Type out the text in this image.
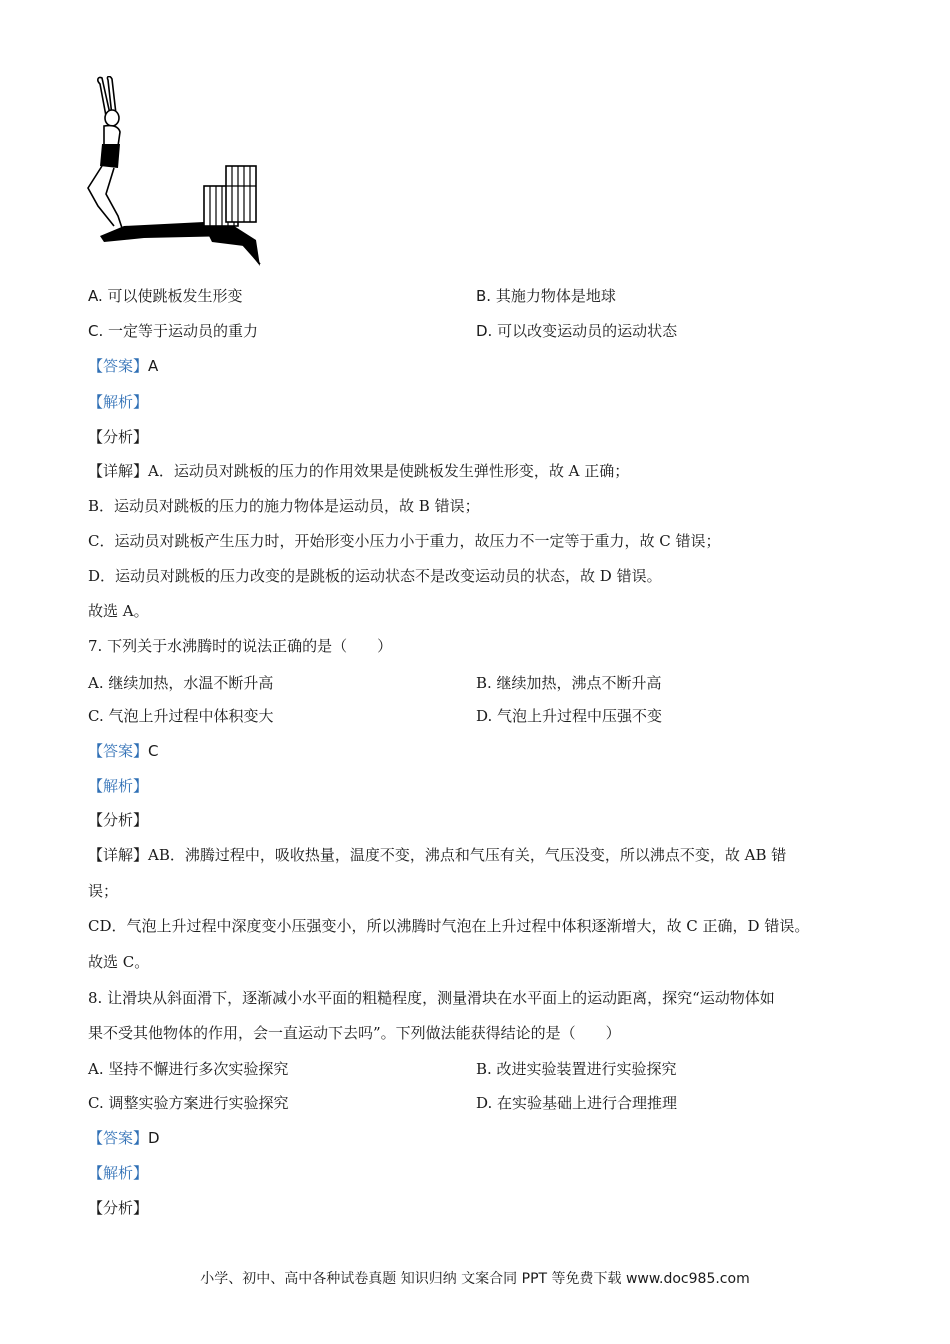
A. 可以使跳板发生形变	B. 其施力物体是地球
C. 一定等于运动员的重力	D. 可以改变运动员的运动状态
【答案】A
【解析】
【分析】
【详解】A．运动员对跳板的压力的作用效果是使跳板发生弹性形变，故 A 正确；
B．运动员对跳板的压力的施力物体是运动员，故 B 错误；
C．运动员对跳板产生压力时，开始形变小压力小于重力，故压力不一定等于重力，故 C 错误；
D．运动员对跳板的压力改变的是跳板的运动状态不是改变运动员的状态，故 D 错误。
故选 A。
7. 下列关于水沸腾时的说法正确的是（　　）
A. 继续加热，水温不断升高	B. 继续加热，沸点不断升高
C. 气泡上升过程中体积变大	D. 气泡上升过程中压强不变
【答案】C
【解析】
【分析】
【详解】AB．沸腾过程中，吸收热量，温度不变，沸点和气压有关，气压没变，所以沸点不变，故 AB 错
误；
CD．气泡上升过程中深度变小压强变小，所以沸腾时气泡在上升过程中体积逐渐增大，故 C 正确，D 错误。
故选 C。
8. 让滑块从斜面滑下，逐渐减小水平面的粗糙程度，测量滑块在水平面上的运动距离，探究“运动物体如
果不受其他物体的作用，会一直运动下去吗”。下列做法能获得结论的是（　　）
A. 坚持不懈进行多次实验探究	B. 改进实验装置进行实验探究
C. 调整实验方案进行实验探究	D. 在实验基础上进行合理推理
【答案】D
【解析】
【分析】
小学、初中、高中各种试卷真题 知识归纳 文案合同 PPT 等免费下载 www.doc985.com
